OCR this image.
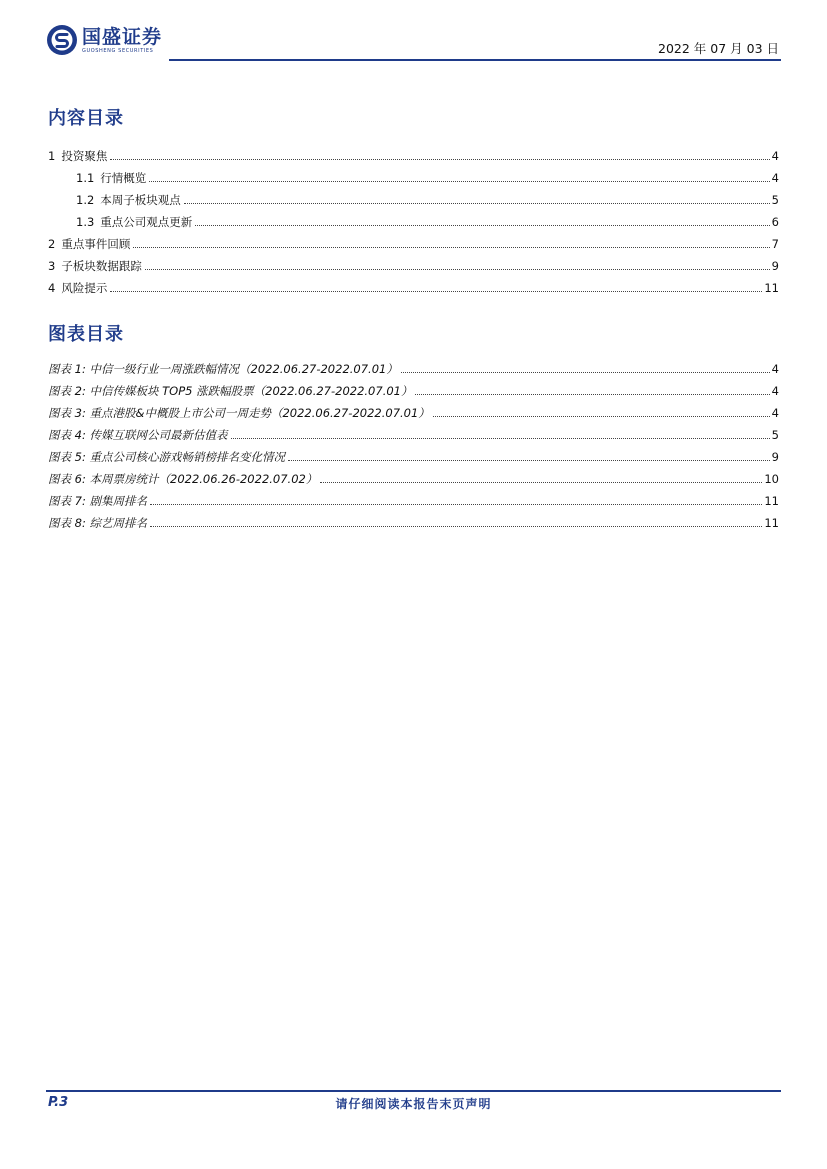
国盛证券
GUOSHENG SECURITIES	2022 年 07 月 03 日
内容目录
1 投资聚焦	4
1.1 行情概览	4
1.2 本周子板块观点	5
1.3 重点公司观点更新	6
2 重点事件回顾	7
3 子板块数据跟踪	9
4 风险提示	11
图表目录
图表 1: 中信一级行业一周涨跌幅情况（2022.06.27-2022.07.01）	4
图表 2: 中信传媒板块 TOP5 涨跌幅股票（2022.06.27-2022.07.01）	4
图表 3: 重点港股&中概股上市公司一周走势（2022.06.27-2022.07.01）	4
图表 4: 传媒互联网公司最新估值表	5
图表 5: 重点公司核心游戏畅销榜排名变化情况	9
图表 6: 本周票房统计（2022.06.26-2022.07.02）	10
图表 7: 剧集周排名	11
图表 8: 综艺周排名	11
P.3	请仔细阅读本报告末页声明
